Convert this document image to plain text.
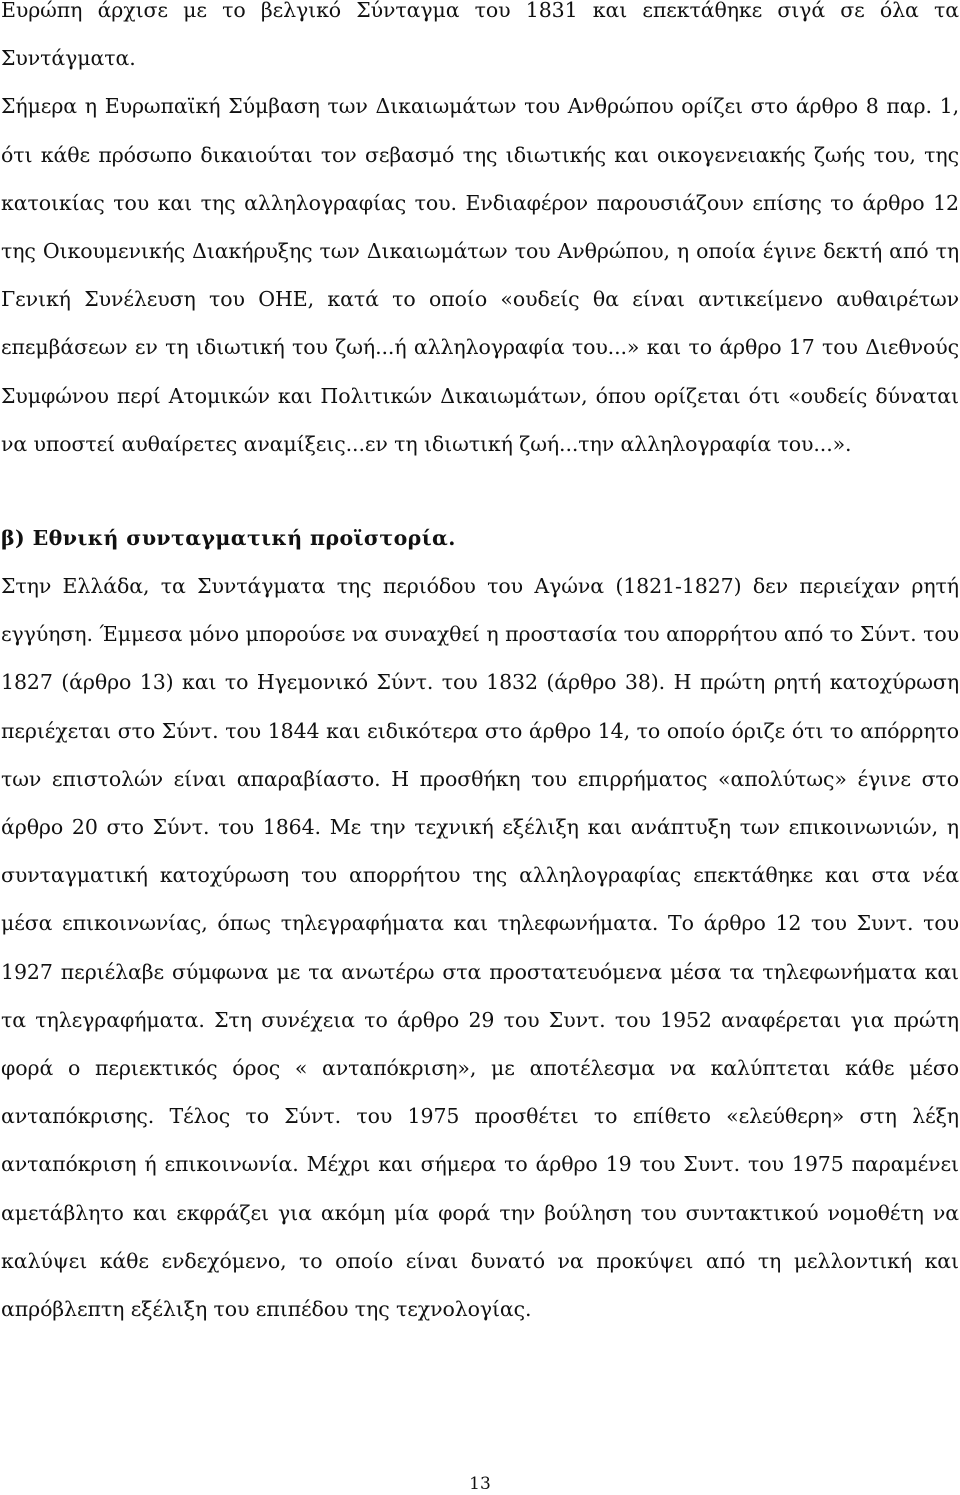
Ευρώπη άρχισε με το βελγικό Σύνταγμα του 1831 και επεκτάθηκε σιγά σε όλα τα Συντάγματα.
Σήμερα η Ευρωπαϊκή Σύμβαση των Δικαιωμάτων του Ανθρώπου ορίζει στο άρθρο 8 παρ. 1, ότι κάθε πρόσωπο δικαιούται τον σεβασμό της ιδιωτικής και οικογενειακής ζωής του, της κατοικίας του και της αλληλογραφίας του. Ενδιαφέρον παρουσιάζουν επίσης το άρθρο 12 της Οικουμενικής Διακήρυξης των Δικαιωμάτων του Ανθρώπου, η οποία έγινε δεκτή από τη Γενική Συνέλευση του ΟΗΕ, κατά το οποίο «ουδείς θα είναι αντικείμενο αυθαιρέτων επεμβάσεων εν τη ιδιωτική του ζωή...ή αλληλογραφία του...» και το άρθρο 17 του Διεθνούς Συμφώνου περί Ατομικών και Πολιτικών Δικαιωμάτων, όπου ορίζεται ότι «ουδείς δύναται να υποστεί αυθαίρετες αναμίξεις...εν τη ιδιωτική ζωή...την αλληλογραφία του...».
β) Εθνική συνταγματική προϊστορία.
Στην Ελλάδα, τα Συντάγματα της περιόδου του Αγώνα (1821-1827) δεν περιείχαν ρητή εγγύηση. Έμμεσα μόνο μπορούσε να συναχθεί η προστασία του απορρήτου από το Σύντ. του 1827 (άρθρο 13) και το Ηγεμονικό Σύντ. του 1832 (άρθρο 38). Η πρώτη ρητή κατοχύρωση περιέχεται στο Σύντ. του 1844 και ειδικότερα στο άρθρο 14, το οποίο όριζε ότι το απόρρητο των επιστολών είναι απαραβίαστο. Η προσθήκη του επιρρήματος «απολύτως» έγινε στο άρθρο 20 στο Σύντ. του 1864. Με την τεχνική εξέλιξη και ανάπτυξη των επικοινωνιών, η συνταγματική κατοχύρωση του απορρήτου της αλληλογραφίας επεκτάθηκε και στα νέα μέσα επικοινωνίας, όπως τηλεγραφήματα και τηλεφωνήματα. Το άρθρο 12 του Συντ. του 1927 περιέλαβε σύμφωνα με τα ανωτέρω στα προστατευόμενα μέσα τα τηλεφωνήματα και τα τηλεγραφήματα. Στη συνέχεια το άρθρο 29 του Συντ. του 1952 αναφέρεται για πρώτη φορά ο περιεκτικός όρος « ανταπόκριση», με αποτέλεσμα να καλύπτεται κάθε μέσο ανταπόκρισης. Τέλος το Σύντ. του 1975 προσθέτει το επίθετο «ελεύθερη» στη λέξη ανταπόκριση ή επικοινωνία. Μέχρι και σήμερα το άρθρο 19 του Συντ. του 1975 παραμένει αμετάβλητο και εκφράζει για ακόμη μία φορά την βούληση του συντακτικού νομοθέτη να καλύψει κάθε ενδεχόμενο, το οποίο είναι δυνατό να προκύψει από τη μελλοντική και απρόβλεπτη εξέλιξη του επιπέδου της τεχνολογίας.
13
